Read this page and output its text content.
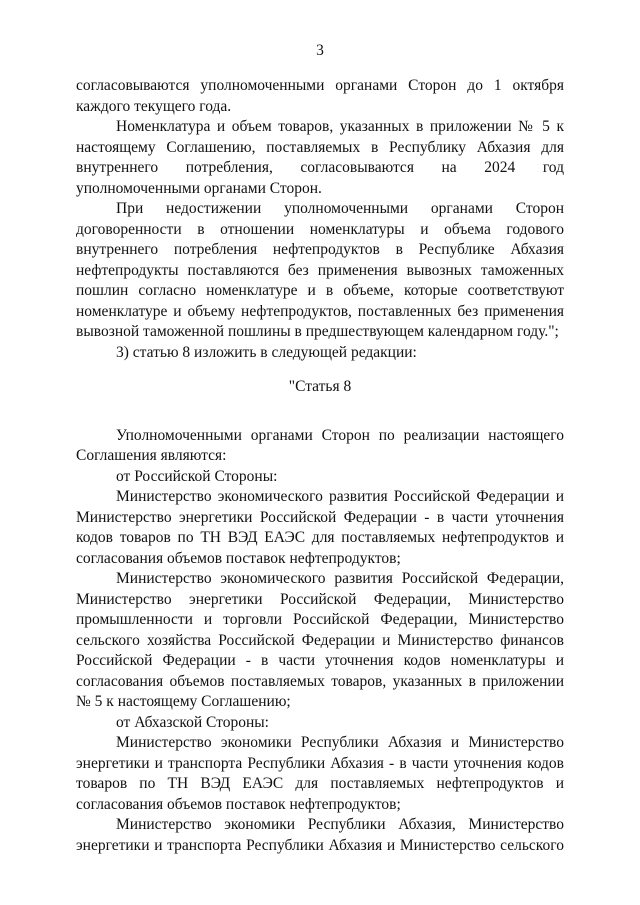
3

согласовываются уполномоченными органами Сторон до 1 октября каждого текущего года.

Номенклатура и объем товаров, указанных в приложении № 5 к настоящему Соглашению, поставляемых в Республику Абхазия для внутреннего потребления, согласовываются на 2024 год уполномоченными органами Сторон.

При недостижении уполномоченными органами Сторон договоренности в отношении номенклатуры и объема годового внутреннего потребления нефтепродуктов в Республике Абхазия нефтепродукты поставляются без применения вывозных таможенных пошлин согласно номенклатуре и в объеме, которые соответствуют номенклатуре и объему нефтепродуктов, поставленных без применения вывозной таможенной пошлины в предшествующем календарном году.";

3) статью 8 изложить в следующей редакции:

"Статья 8

Уполномоченными органами Сторон по реализации настоящего Соглашения являются:

от Российской Стороны:

Министерство экономического развития Российской Федерации и Министерство энергетики Российской Федерации - в части уточнения кодов товаров по ТН ВЭД ЕАЭС для поставляемых нефтепродуктов и согласования объемов поставок нефтепродуктов;

Министерство экономического развития Российской Федерации, Министерство энергетики Российской Федерации, Министерство промышленности и торговли Российской Федерации, Министерство сельского хозяйства Российской Федерации и Министерство финансов Российской Федерации - в части уточнения кодов номенклатуры и согласования объемов поставляемых товаров, указанных в приложении № 5 к настоящему Соглашению;

от Абхазской Стороны:

Министерство экономики Республики Абхазия и Министерство энергетики и транспорта Республики Абхазия - в части уточнения кодов товаров по ТН ВЭД ЕАЭС для поставляемых нефтепродуктов и согласования объемов поставок нефтепродуктов;

Министерство экономики Республики Абхазия, Министерство энергетики и транспорта Республики Абхазия и Министерство сельского
